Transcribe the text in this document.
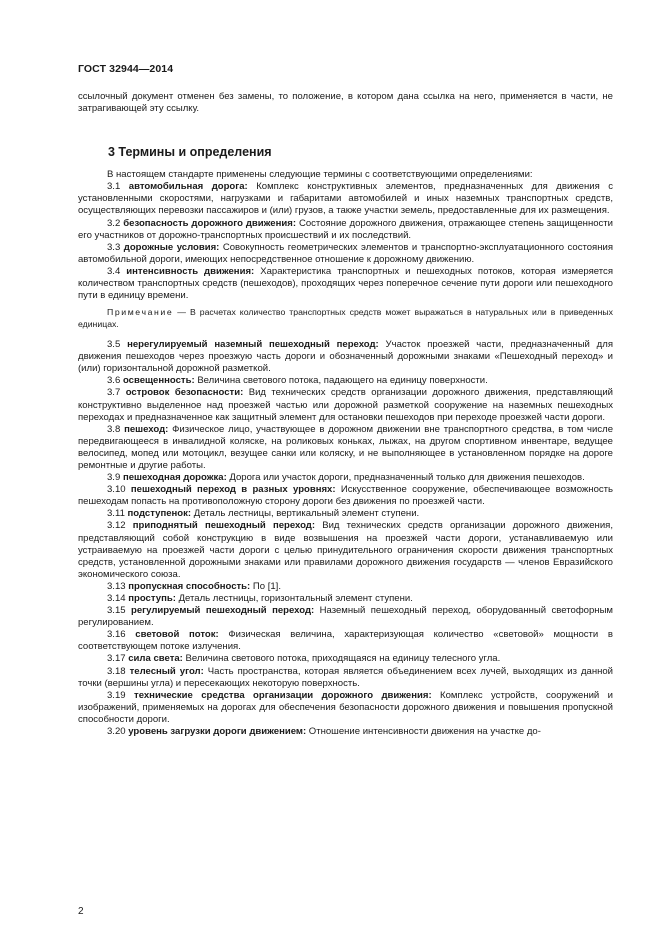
ГОСТ 32944—2014

ссылочный документ отменен без замены, то положение, в котором дана ссылка на него, применяется в части, не затрагивающей эту ссылку.

3 Термины и определения

В настоящем стандарте применены следующие термины с соответствующими определениями:

3.1 автомобильная дорога: Комплекс конструктивных элементов, предназначенных для движения с установленными скоростями, нагрузками и габаритами автомобилей и иных наземных транспортных средств, осуществляющих перевозки пассажиров и (или) грузов, а также участки земель, предоставленные для их размещения.

3.2 безопасность дорожного движения: Состояние дорожного движения, отражающее степень защищенности его участников от дорожно-транспортных происшествий и их последствий.

3.3 дорожные условия: Совокупность геометрических элементов и транспортно-эксплуатационного состояния автомобильной дороги, имеющих непосредственное отношение к дорожному движению.

3.4 интенсивность движения: Характеристика транспортных и пешеходных потоков, которая измеряется количеством транспортных средств (пешеходов), проходящих через поперечное сечение пути дороги или пешеходного пути в единицу времени.

Примечание — В расчетах количество транспортных средств может выражаться в натуральных или в приведенных единицах.

3.5 нерегулируемый наземный пешеходный переход: Участок проезжей части, предназначенный для движения пешеходов через проезжую часть дороги и обозначенный дорожными знаками «Пешеходный переход» и (или) горизонтальной дорожной разметкой.

3.6 освещенность: Величина светового потока, падающего на единицу поверхности.

3.7 островок безопасности: Вид технических средств организации дорожного движения, представляющий конструктивно выделенное над проезжей частью или дорожной разметкой сооружение на наземных пешеходных переходах и предназначенное как защитный элемент для остановки пешеходов при переходе проезжей части дороги.

3.8 пешеход: Физическое лицо, участвующее в дорожном движении вне транспортного средства, в том числе передвигающееся в инвалидной коляске, на роликовых коньках, лыжах, на другом спортивном инвентаре, ведущее велосипед, мопед или мотоцикл, везущее санки или коляску, и не выполняющее в установленном порядке на дороге ремонтные и другие работы.

3.9 пешеходная дорожка: Дорога или участок дороги, предназначенный только для движения пешеходов.

3.10 пешеходный переход в разных уровнях: Искусственное сооружение, обеспечивающее возможность пешеходам попасть на противоположную сторону дороги без движения по проезжей части.

3.11 подступенок: Деталь лестницы, вертикальный элемент ступени.

3.12 приподнятый пешеходный переход: Вид технических средств организации дорожного движения, представляющий собой конструкцию в виде возвышения на проезжей части дороги, устанавливаемую или устраиваемую на проезжей части дороги с целью принудительного ограничения скорости движения транспортных средств, установленной дорожными знаками или правилами дорожного движения государств — членов Евразийского экономического союза.

3.13 пропускная способность: По [1].

3.14 проступь: Деталь лестницы, горизонтальный элемент ступени.

3.15 регулируемый пешеходный переход: Наземный пешеходный переход, оборудованный светофорным регулированием.

3.16 световой поток: Физическая величина, характеризующая количество «световой» мощности в соответствующем потоке излучения.

3.17 сила света: Величина светового потока, приходящаяся на единицу телесного угла.

3.18 телесный угол: Часть пространства, которая является объединением всех лучей, выходящих из данной точки (вершины угла) и пересекающих некоторую поверхность.

3.19 технические средства организации дорожного движения: Комплекс устройств, сооружений и изображений, применяемых на дорогах для обеспечения безопасности дорожного движения и повышения пропускной способности дороги.

3.20 уровень загрузки дороги движением: Отношение интенсивности движения на участке до-

2
